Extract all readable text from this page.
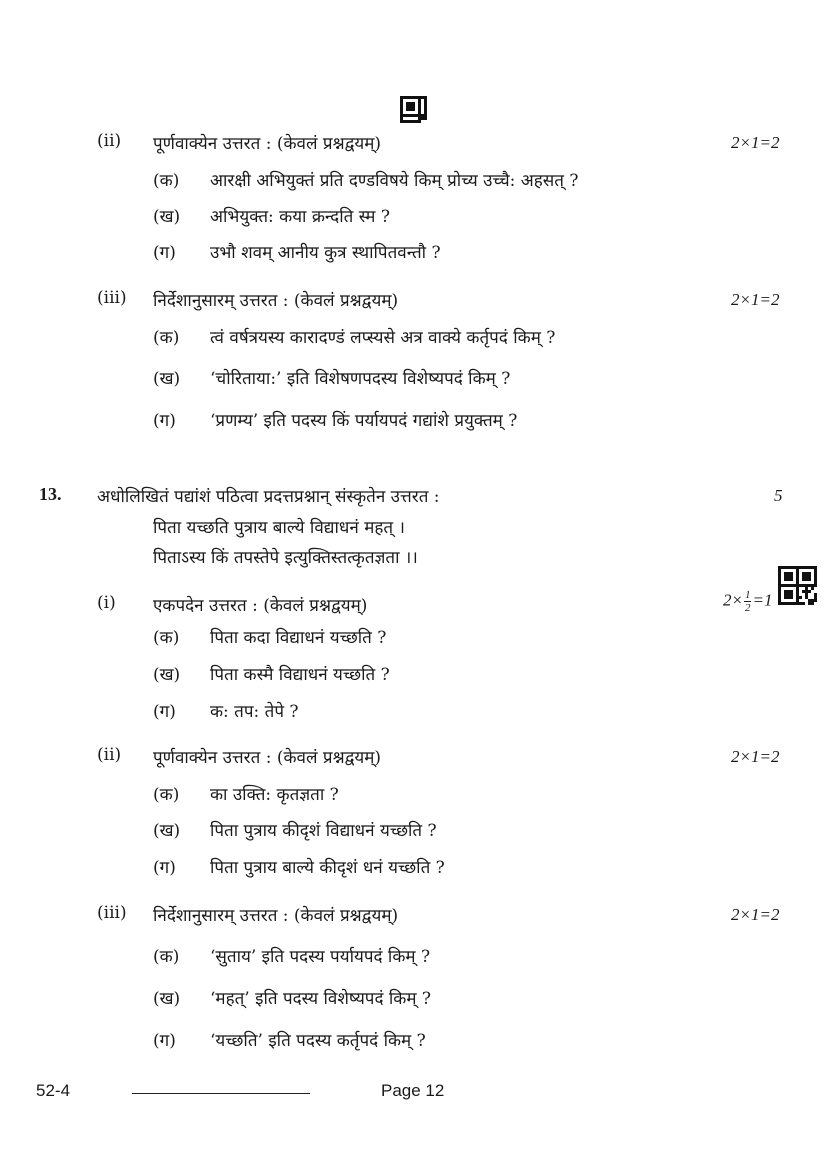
(ii) पूर्णवाक्येन उत्तरत : (केवलं प्रश्नद्वयम्)	2×1=2
(क) आरक्षी अभियुक्तं प्रति दण्डविषये किम् प्रोच्य उच्चै: अहसत् ?
(ख) अभियुक्त: कया क्रन्दति स्म ?
(ग) उभौ शवम् आनीय कुत्र स्थापितवन्तौ ?
(iii) निर्देशानुसारम् उत्तरत : (केवलं प्रश्नद्वयम्)	2×1=2
(क) त्वं वर्षत्रयस्य कारादण्डं लप्स्यसे अत्र वाक्ये कर्तृपदं किम् ?
(ख) ‘चोरिताया:’ इति विशेषणपदस्य विशेष्यपदं किम् ?
(ग) ‘प्रणम्य’ इति पदस्य किं पर्यायपदं गद्यांशे प्रयुक्तम् ?
13. अधोलिखितं पद्यांशं पठित्वा प्रदत्तप्रश्नान् संस्कृतेन उत्तरत :	5
पिता यच्छति पुत्राय बाल्ये विद्याधनं महत् ।
पिताऽस्य किं तपस्तेपे इत्युक्तिस्तत्कृतज्ञता ।।
(i) एकपदेन उत्तरत : (केवलं प्रश्नद्वयम्)	$2\times \frac{1}{2} =1$
(क) पिता कदा विद्याधनं यच्छति ?
(ख) पिता कस्मै विद्याधनं यच्छति ?
(ग) क: तप: तेपे ?
(ii) पूर्णवाक्येन उत्तरत : (केवलं प्रश्नद्वयम्)	2×1=2
(क) का उक्ति: कृतज्ञता ?
(ख) पिता पुत्राय कीदृशं विद्याधनं यच्छति ?
(ग) पिता पुत्राय बाल्ये कीदृशं धनं यच्छति ?
(iii) निर्देशानुसारम् उत्तरत : (केवलं प्रश्नद्वयम्)	2×1=2
(क) ‘सुताय’ इति पदस्य पर्यायपदं किम् ?
(ख) ‘महत्’ इति पदस्य विशेष्यपदं किम् ?
(ग) ‘यच्छति’ इति पदस्य कर्तृपदं किम् ?
52-4	Page 12
